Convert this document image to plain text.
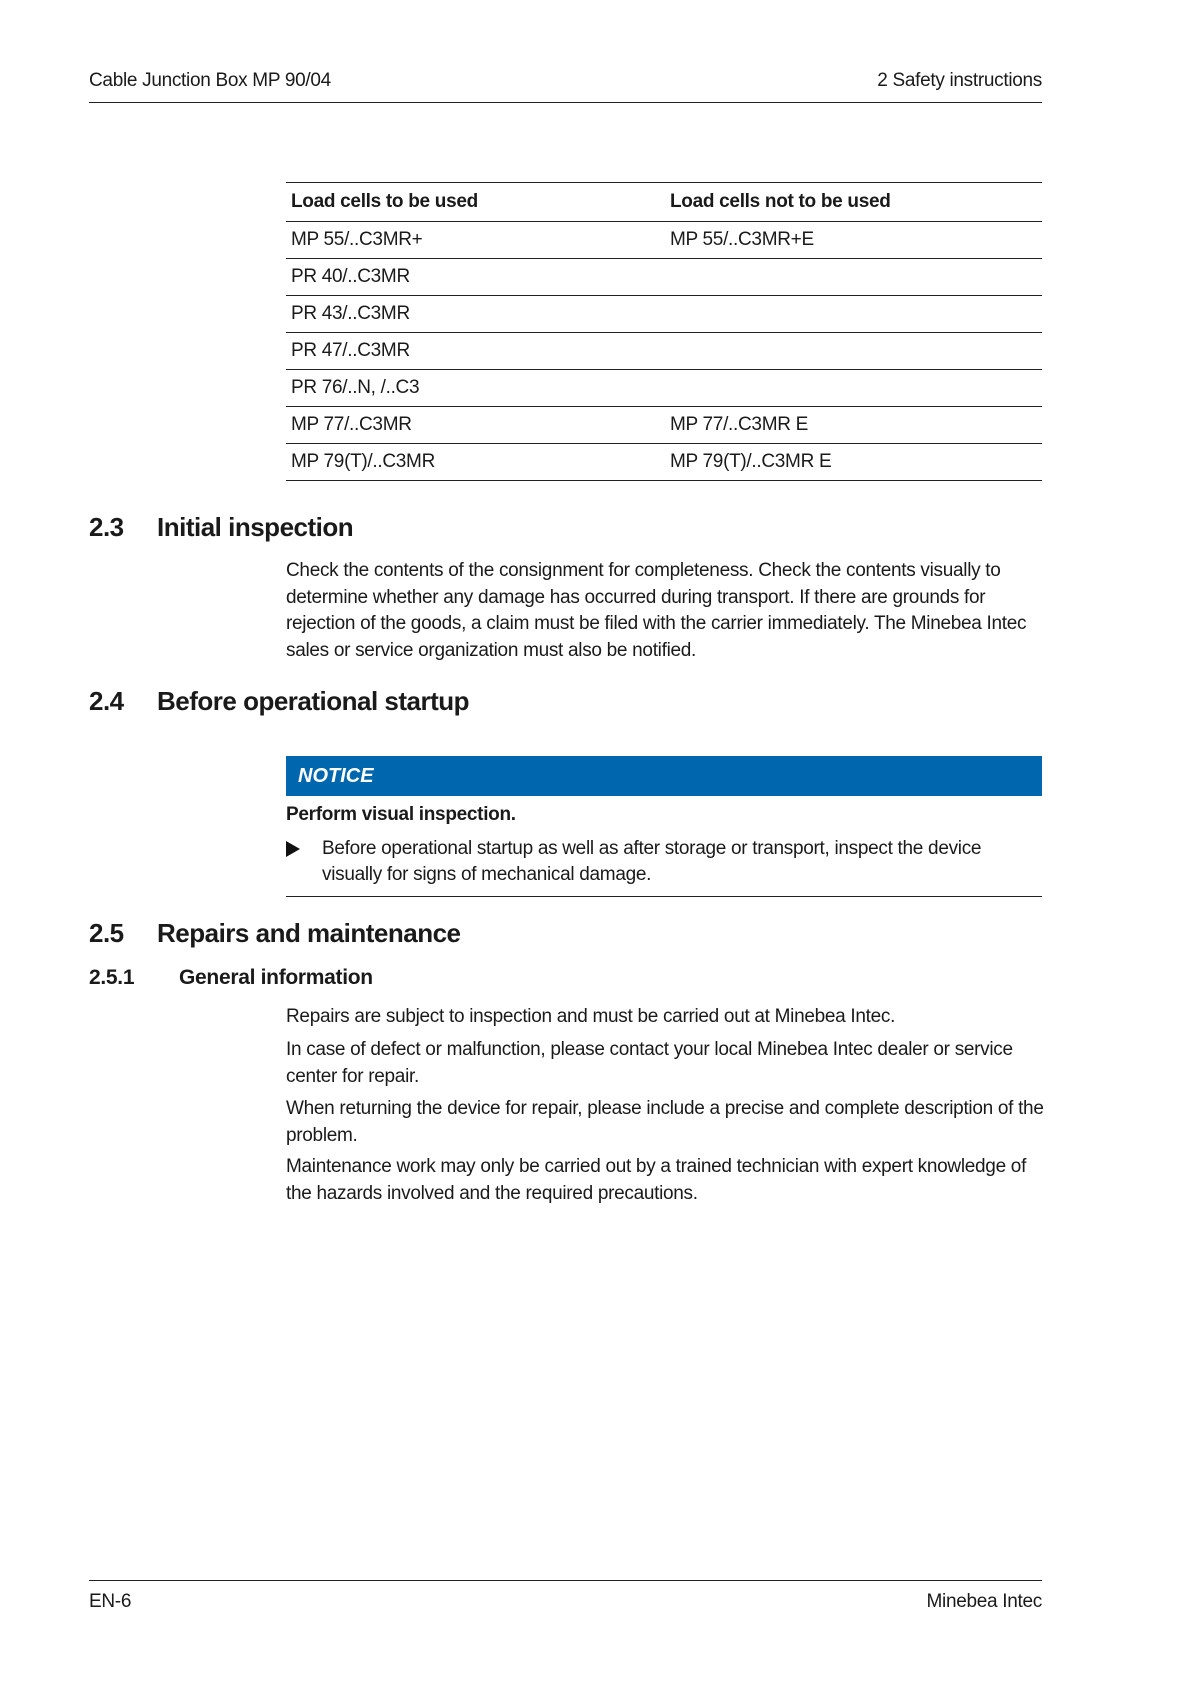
Cable Junction Box MP 90/04	2 Safety instructions
Load cells to be used	Load cells not to be used
MP 55/..C3MR+	MP 55/..C3MR+E
PR 40/..C3MR	
PR 43/..C3MR	
PR 47/..C3MR	
PR 76/..N, /..C3	
MP 77/..C3MR	MP 77/..C3MR E
MP 79(T)/..C3MR	MP 79(T)/..C3MR E
2.3 Initial inspection

Check the contents of the consignment for completeness. Check the contents visually to determine whether any damage has occurred during transport. If there are grounds for rejection of the goods, a claim must be filed with the carrier immediately. The Minebea Intec sales or service organization must also be notified.

2.4 Before operational startup
NOTICE
Perform visual inspection.
Before operational startup as well as after storage or transport, inspect the device visually for signs of mechanical damage.
2.5 Repairs and maintenance
2.5.1 General information

Repairs are subject to inspection and must be carried out at Minebea Intec.

In case of defect or malfunction, please contact your local Minebea Intec dealer or service center for repair.

When returning the device for repair, please include a precise and complete description of the problem.

Maintenance work may only be carried out by a trained technician with expert knowledge of the hazards involved and the required precautions.

EN-6	Minebea Intec
